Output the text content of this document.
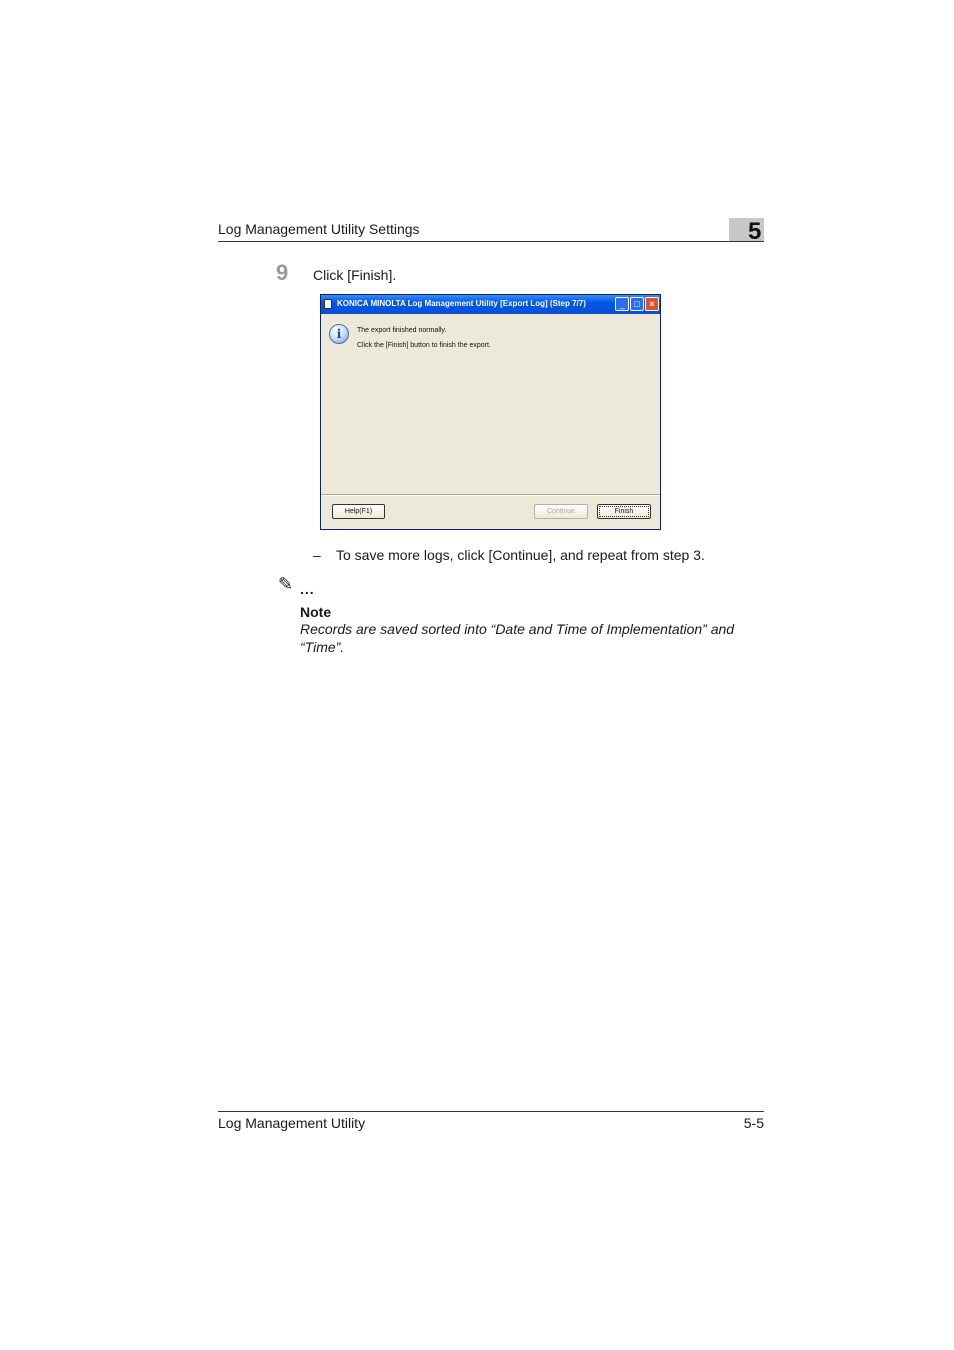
Log Management Utility Settings	5
9 Click [Finish].
KONICA MINOLTA Log Management Utility [Export Log] (Step 7/7)	_	□	×
i	The export finished normally.
Click the [Finish] button to finish the export.
Help(F1)	Continue	Finish
– To save more logs, click [Continue], and repeat from step 3.
✎ ...
Note
Records are saved sorted into “Date and Time of Implementation” and “Time”.
Log Management Utility	5-5
